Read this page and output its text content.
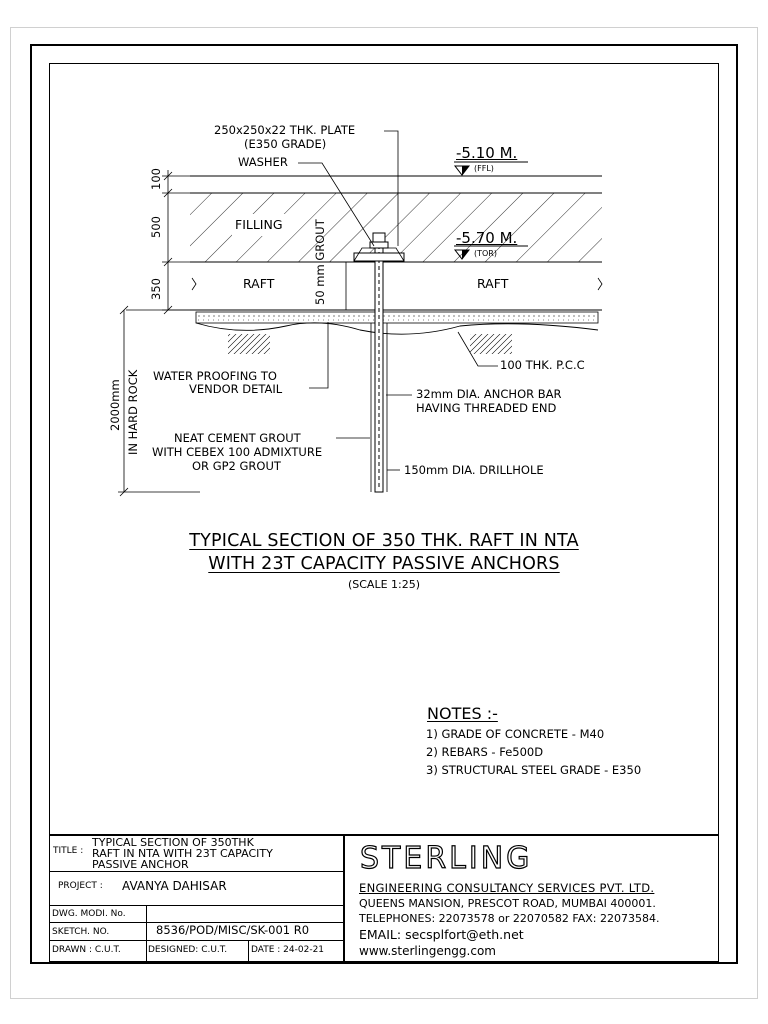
250x250x22 THK. PLATE
(E350 GRADE)
WASHER
FILLING	50 mm GROUT
RAFT	RAFT
-5.10 M.
(FFL)
-5.70 M.
(TOR)
100 THK. P.C.C
WATER PROOFING TO
VENDOR DETAIL	32mm DIA. ANCHOR BAR
HAVING THREADED END
NEAT CEMENT GROUT
WITH CEBEX 100 ADMIXTURE
OR GP2 GROUT	150mm DIA. DRILLHOLE
100
500
350
2000mm IN HARD ROCK
TYPICAL SECTION OF 350 THK. RAFT IN NTA
WITH 23T CAPACITY PASSIVE ANCHORS
(SCALE 1:25)
NOTES :-
1) GRADE OF CONCRETE - M40
2) REBARS - Fe500D
3) STRUCTURAL STEEL GRADE - E350
TITLE :
TYPICAL SECTION OF 350THK
RAFT IN NTA WITH 23T CAPACITY
PASSIVE ANCHOR
PROJECT : AVANYA DAHISAR
DWG. MODI. No.
SKETCH. NO.	8536/POD/MISC/SK-001 R0
DRAWN : C.U.T.	DESIGNED: C.U.T.	DATE : 24-02-21
STERLING
ENGINEERING CONSULTANCY SERVICES PVT. LTD.
QUEENS MANSION, PRESCOT ROAD, MUMBAI 400001.
TELEPHONES: 22073578 or 22070582 FAX: 22073584.
EMAIL: secsplfort@eth.net
www.sterlingengg.com
